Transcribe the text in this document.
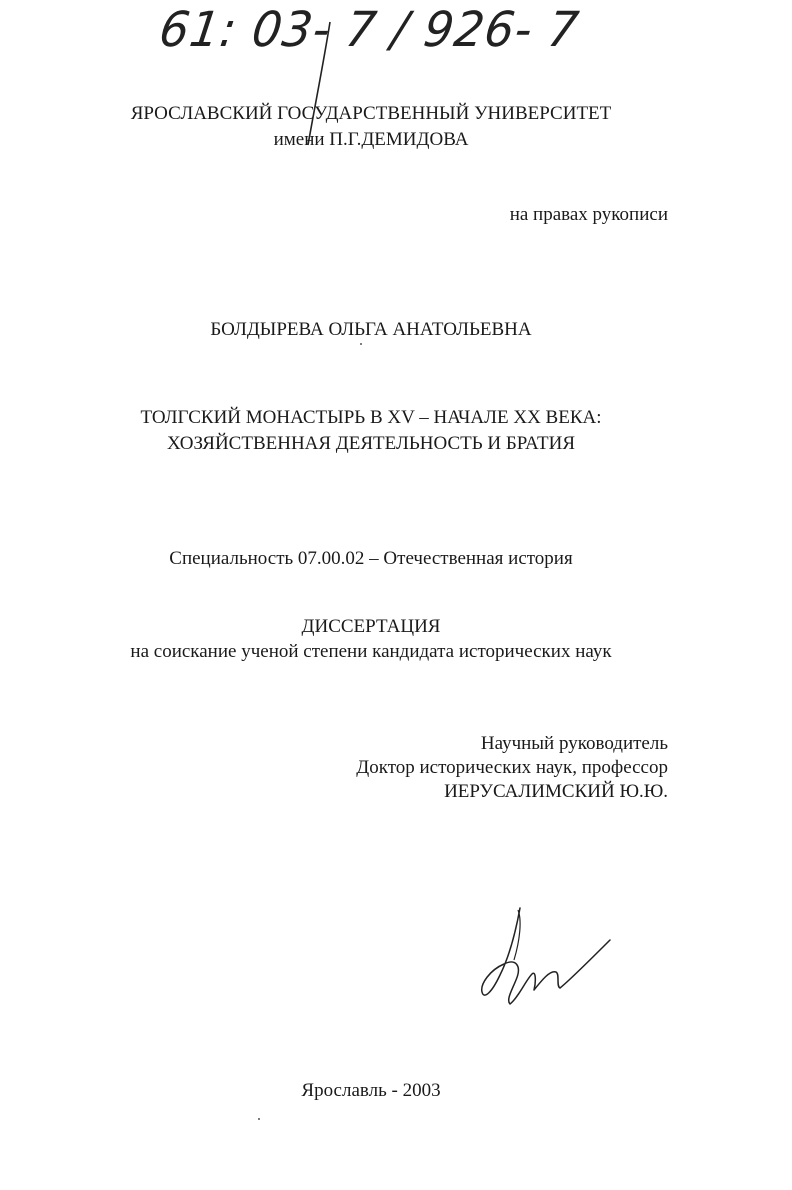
61: 03- 7 / 926- 7
ЯРОСЛАВСКИЙ ГОСУДАРСТВЕННЫЙ УНИВЕРСИТЕТ
имени П.Г.ДЕМИДОВА
на правах рукописи
БОЛДЫРЕВА ОЛЬГА АНАТОЛЬЕВНА
ТОЛГСКИЙ МОНАСТЫРЬ В XV – НАЧАЛЕ XX ВЕКА:
ХОЗЯЙСТВЕННАЯ ДЕЯТЕЛЬНОСТЬ И БРАТИЯ
Специальность 07.00.02 – Отечественная история
ДИССЕРТАЦИЯ
на соискание ученой степени кандидата исторических наук
Научный руководитель
Доктор исторических наук, профессор
ИЕРУСАЛИМСКИЙ Ю.Ю.
Ярославль - 2003
